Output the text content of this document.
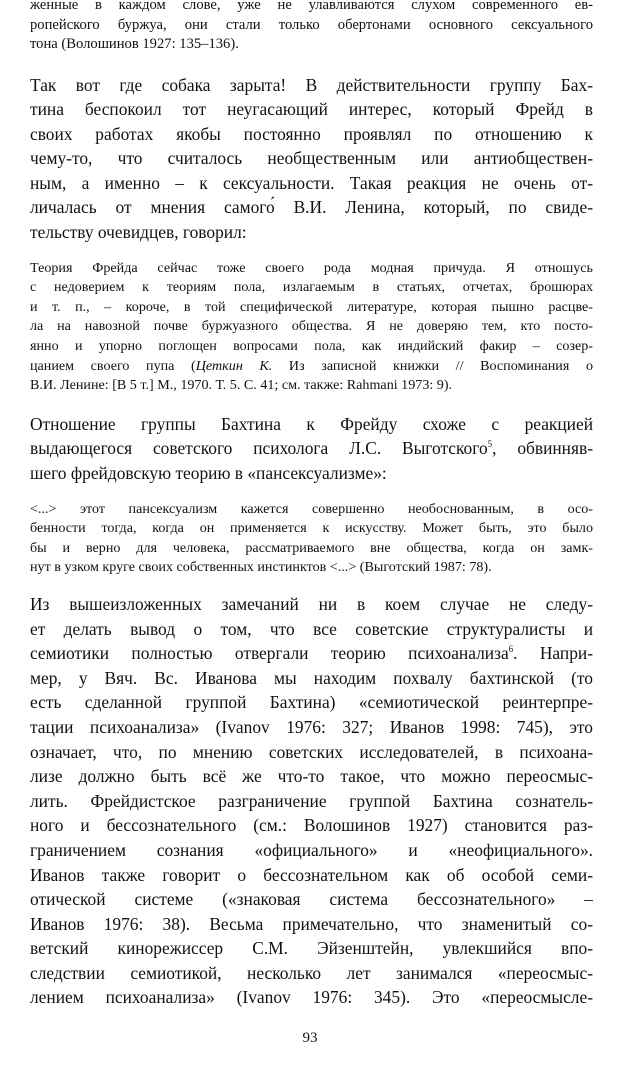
женные в каждом слове, уже не улавливаются слухом современного ев-
ропейского буржуа, они стали только обертонами основного сексуального
тона (Волошинов 1927: 135–136).
Так вот где собака зарыта! В действительности группу Бах-
тина беспокоил тот неугасающий интерес, который Фрейд в
своих работах якобы постоянно проявлял по отношению к
чему-то, что считалось необщественным или антиобществен-
ным, а именно – к сексуальности. Такая реакция не очень от-
личалась от мнения самого́ В.И. Ленина, который, по свиде-
тельству очевидцев, говорил:
Теория Фрейда сейчас тоже своего рода модная причуда. Я отношусь
с недоверием к теориям пола, излагаемым в статьях, отчетах, брошюрах
и т. п., – короче, в той специфической литературе, которая пышно расцве-
ла на навозной почве буржуазного общества. Я не доверяю тем, кто посто-
янно и упорно поглощен вопросами пола, как индийский факир – созер-
цанием своего пупа (Цеткин К. Из записной книжки // Воспоминания о
В.И. Ленине: [В 5 т.] М., 1970. Т. 5. С. 41; см. также: Rahmani 1973: 9).
Отношение группы Бахтина к Фрейду схоже с реакцией
выдающегося советского психолога Л.С. Выготского$^5$, обвинняв-
шего фрейдовскую теорию в «пансексуализме»:
<...> этот пансексуализм кажется совершенно необоснованным, в осо-
бенности тогда, когда он применяется к искусству. Может быть, это было
бы и верно для человека, рассматриваемого вне общества, когда он замк-
нут в узком круге своих собственных инстинктов <...> (Выготский 1987: 78).
Из вышеизложенных замечаний ни в коем случае не следу-
ет делать вывод о том, что все советские структуралисты и
семиотики полностью отвергали теорию психоанализа$^6$. Напри-
мер, у Вяч. Вс. Иванова мы находим похвалу бахтинской (то
есть сделанной группой Бахтина) «семиотической реинтерпре-
тации психоанализа» (Ivanov 1976: 327; Иванов 1998: 745), это
означает, что, по мнению советских исследователей, в психоана-
лизе должно быть всё же что-то такое, что можно переосмыс-
лить. Фрейдистское разграничение группой Бахтина сознатель-
ного и бессознательного (см.: Волошинов 1927) становится раз-
граничением сознания «официального» и «неофициального».
Иванов также говорит о бессознательном как об особой семи-
отической системе («знаковая система бессознательного» –
Иванов 1976: 38). Весьма примечательно, что знаменитый со-
ветский кинорежиссер С.М. Эйзенштейн, увлекшийся впо-
следствии семиотикой, несколько лет занимался «переосмыс-
лением психоанализа» (Ivanov 1976: 345). Это «переосмысле-
93
